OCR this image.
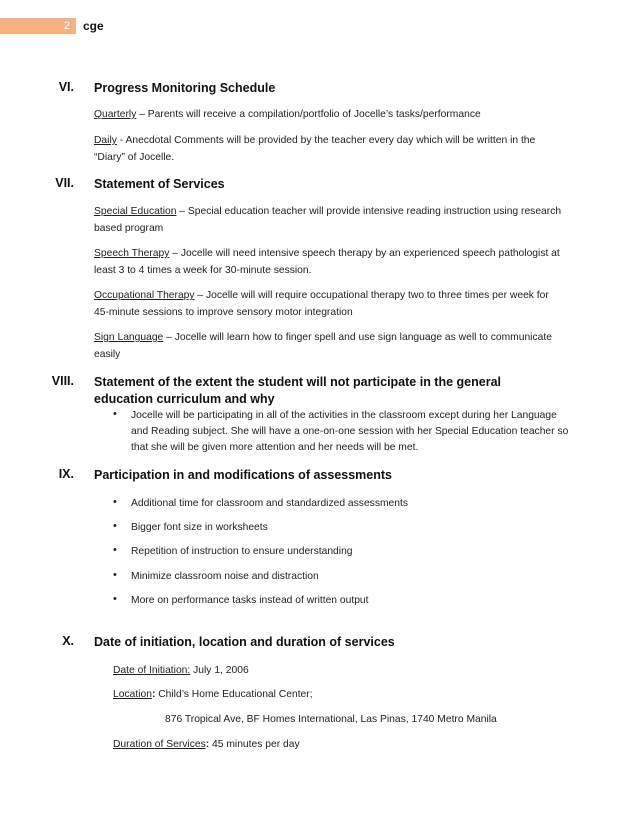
2	cge
VI. Progress Monitoring Schedule
Quarterly – Parents will receive a compilation/portfolio of Jocelle’s tasks/performance
Daily - Anecdotal Comments will be provided by the teacher every day which will be written in the “Diary” of Jocelle.
VII. Statement of Services
Special Education – Special education teacher will provide intensive reading instruction using research based program
Speech Therapy – Jocelle will need intensive speech therapy by an experienced speech pathologist at least 3 to 4 times a week for 30-minute session.
Occupational Therapy – Jocelle will will require occupational therapy two to three times per week for 45-minute sessions to improve sensory motor integration
Sign Language – Jocelle will learn how to finger spell and use sign language as well to communicate easily
VIII. Statement of the extent the student will not participate in the general education curriculum and why
• Jocelle will be participating in all of the activities in the classroom except during her Language and Reading subject. She will have a one-on-one session with her Special Education teacher so that she will be given more attention and her needs will be met.
IX. Participation in and modifications of assessments
• Additional time for classroom and standardized assessments
• Bigger font size in worksheets
• Repetition of instruction to ensure understanding
• Minimize classroom noise and distraction
• More on performance tasks instead of written output
X. Date of initiation, location and duration of services
Date of Initiation: July 1, 2006
Location: Child’s Home Educational Center;
876 Tropical Ave, BF Homes International, Las Pinas, 1740 Metro Manila
Duration of Services: 45 minutes per day
